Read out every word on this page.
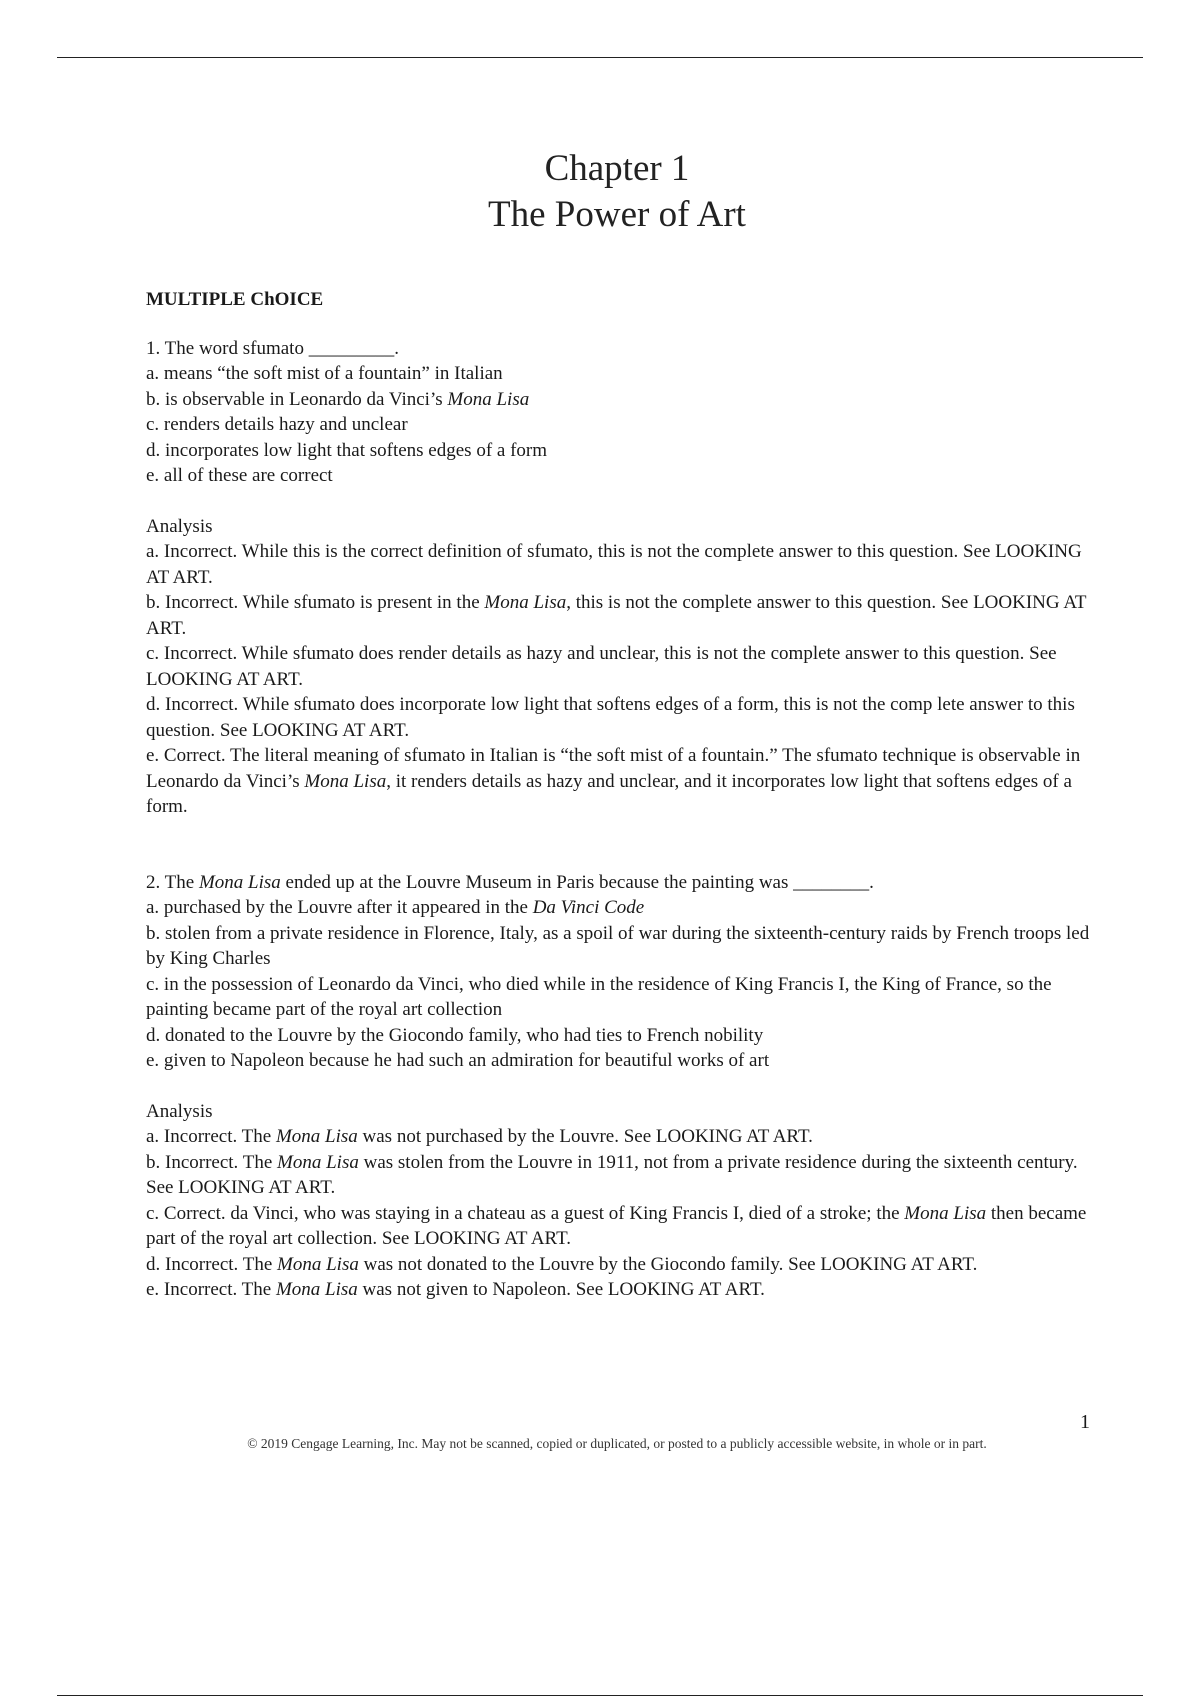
Chapter 1
The Power of Art
MULTIPLE ChOICE
1. The word sfumato _________.
a. means “the soft mist of a fountain” in Italian
b. is observable in Leonardo da Vinci’s Mona Lisa
c. renders details hazy and unclear
d. incorporates low light that softens edges of a form
e. all of these are correct
Analysis
a. Incorrect. While this is the correct definition of sfumato, this is not the complete answer to this question. See LOOKING AT ART.
b. Incorrect. While sfumato is present in the Mona Lisa, this is not the complete answer to this question. See LOOKING AT ART.
c. Incorrect. While sfumato does render details as hazy and unclear, this is not the complete answer to this question. See LOOKING AT ART.
d. Incorrect. While sfumato does incorporate low light that softens edges of a form, this is not the comp lete answer to this question. See LOOKING AT ART.
e. Correct. The literal meaning of sfumato in Italian is “the soft mist of a fountain.” The sfumato technique is observable in Leonardo da Vinci’s Mona Lisa, it renders details as hazy and unclear, and it incorporates low light that softens edges of a form.
2. The Mona Lisa ended up at the Louvre Museum in Paris because the painting was ________.
a. purchased by the Louvre after it appeared in the Da Vinci Code
b. stolen from a private residence in Florence, Italy, as a spoil of war during the sixteenth-century raids by French troops led by King Charles
c. in the possession of Leonardo da Vinci, who died while in the residence of King Francis I, the King of France, so the painting became part of the royal art collection
d. donated to the Louvre by the Giocondo family, who had ties to French nobility
e. given to Napoleon because he had such an admiration for beautiful works of art
Analysis
a. Incorrect. The Mona Lisa was not purchased by the Louvre. See LOOKING AT ART.
b. Incorrect. The Mona Lisa was stolen from the Louvre in 1911, not from a private residence during the sixteenth century. See LOOKING AT ART.
c. Correct. da Vinci, who was staying in a chateau as a guest of King Francis I, died of a stroke; the Mona Lisa then became part of the royal art collection. See LOOKING AT ART.
d. Incorrect. The Mona Lisa was not donated to the Louvre by the Giocondo family. See LOOKING AT ART.
e. Incorrect. The Mona Lisa was not given to Napoleon. See LOOKING AT ART.
1
© 2019 Cengage Learning, Inc. May not be scanned, copied or duplicated, or posted to a publicly accessible website, in whole or in part.
